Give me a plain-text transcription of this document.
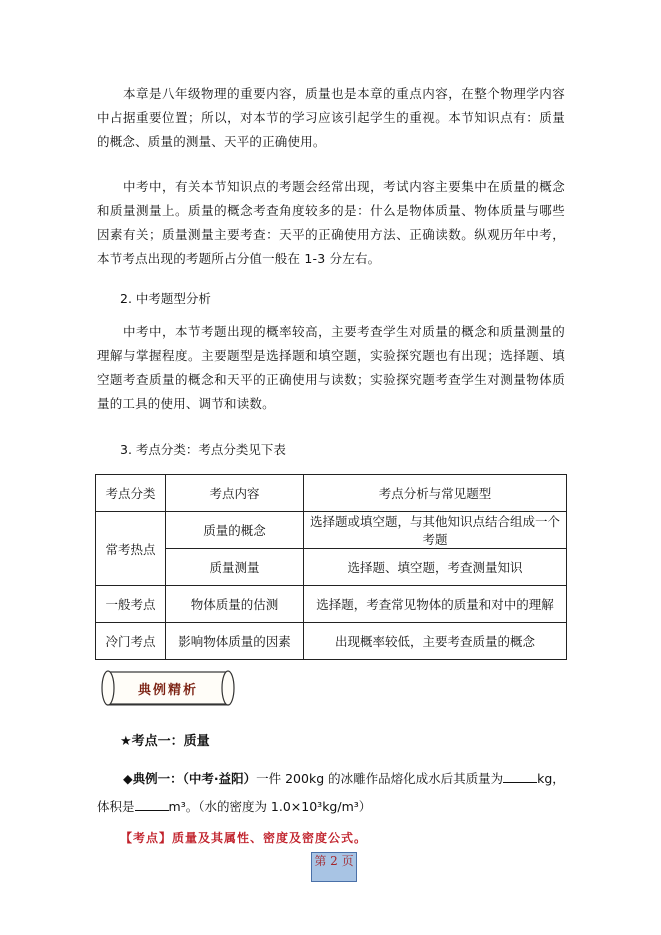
本章是八年级物理的重要内容，质量也是本章的重点内容，在整个物理学内容中占据重要位置；所以，对本节的学习应该引起学生的重视。本节知识点有：质量的概念、质量的测量、天平的正确使用。

中考中，有关本节知识点的考题会经常出现，考试内容主要集中在质量的概念和质量测量上。质量的概念考查角度较多的是：什么是物体质量、物体质量与哪些因素有关；质量测量主要考查：天平的正确使用方法、正确读数。纵观历年中考，本节考点出现的考题所占分值一般在 1-3 分左右。

2. 中考题型分析

中考中，本节考题出现的概率较高，主要考查学生对质量的概念和质量测量的理解与掌握程度。主要题型是选择题和填空题，实验探究题也有出现；选择题、填空题考查质量的概念和天平的正确使用与读数；实验探究题考查学生对测量物体质量的工具的使用、调节和读数。

3. 考点分类：考点分类见下表
考点分类	考点内容	考点分析与常见题型
常考热点	质量的概念	选择题或填空题，与其他知识点结合组成一个考题
	质量测量	选择题、填空题，考查测量知识
一般考点	物体质量的估测	选择题，考查常见物体的质量和对中的理解
冷门考点	影响物体质量的因素	出现概率较低，主要考查质量的概念
典例精析
★考点一：质量

◆典例一：（中考·益阳）一件 200kg 的冰雕作品熔化成水后其质量为	kg，体积是	m³。（水的密度为 1.0×10³kg/m³）

【考点】质量及其属性、密度及密度公式。
第 2 页
